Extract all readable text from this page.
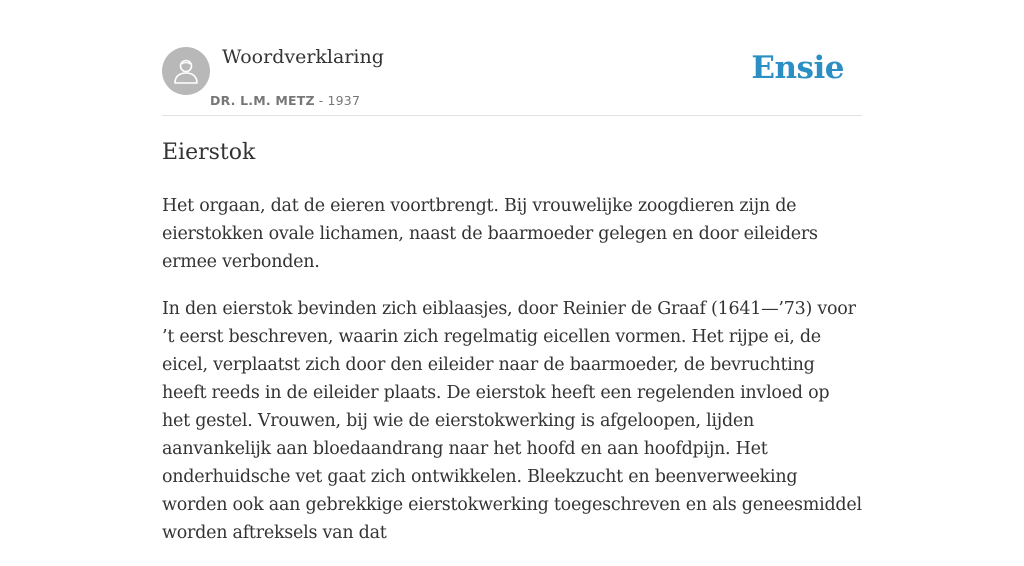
Woordverklaring
DR. L.M. METZ - 1937
Ensie
Eierstok

Het orgaan, dat de eieren voortbrengt. Bij vrouwelijke zoogdieren zijn de eierstokken ovale lichamen, naast de baarmoeder gelegen en door eileiders ermee verbonden.

In den eierstok bevinden zich eiblaasjes, door Reinier de Graaf (1641—’73) voor ’t eerst beschreven, waarin zich regelmatig eicellen vormen. Het rijpe ei, de eicel, verplaatst zich door den eileider naar de baarmoeder, de bevruchting heeft reeds in de eileider plaats. De eierstok heeft een regelenden invloed op het gestel. Vrouwen, bij wie de eierstokwerking is afgeloopen, lijden aanvankelijk aan bloedaandrang naar het hoofd en aan hoofdpijn. Het onderhuidsche vet gaat zich ontwikkelen. Bleekzucht en beenverweeking worden ook aan gebrekkige eierstokwerking toegeschreven en als geneesmiddel worden aftreksels van dat
